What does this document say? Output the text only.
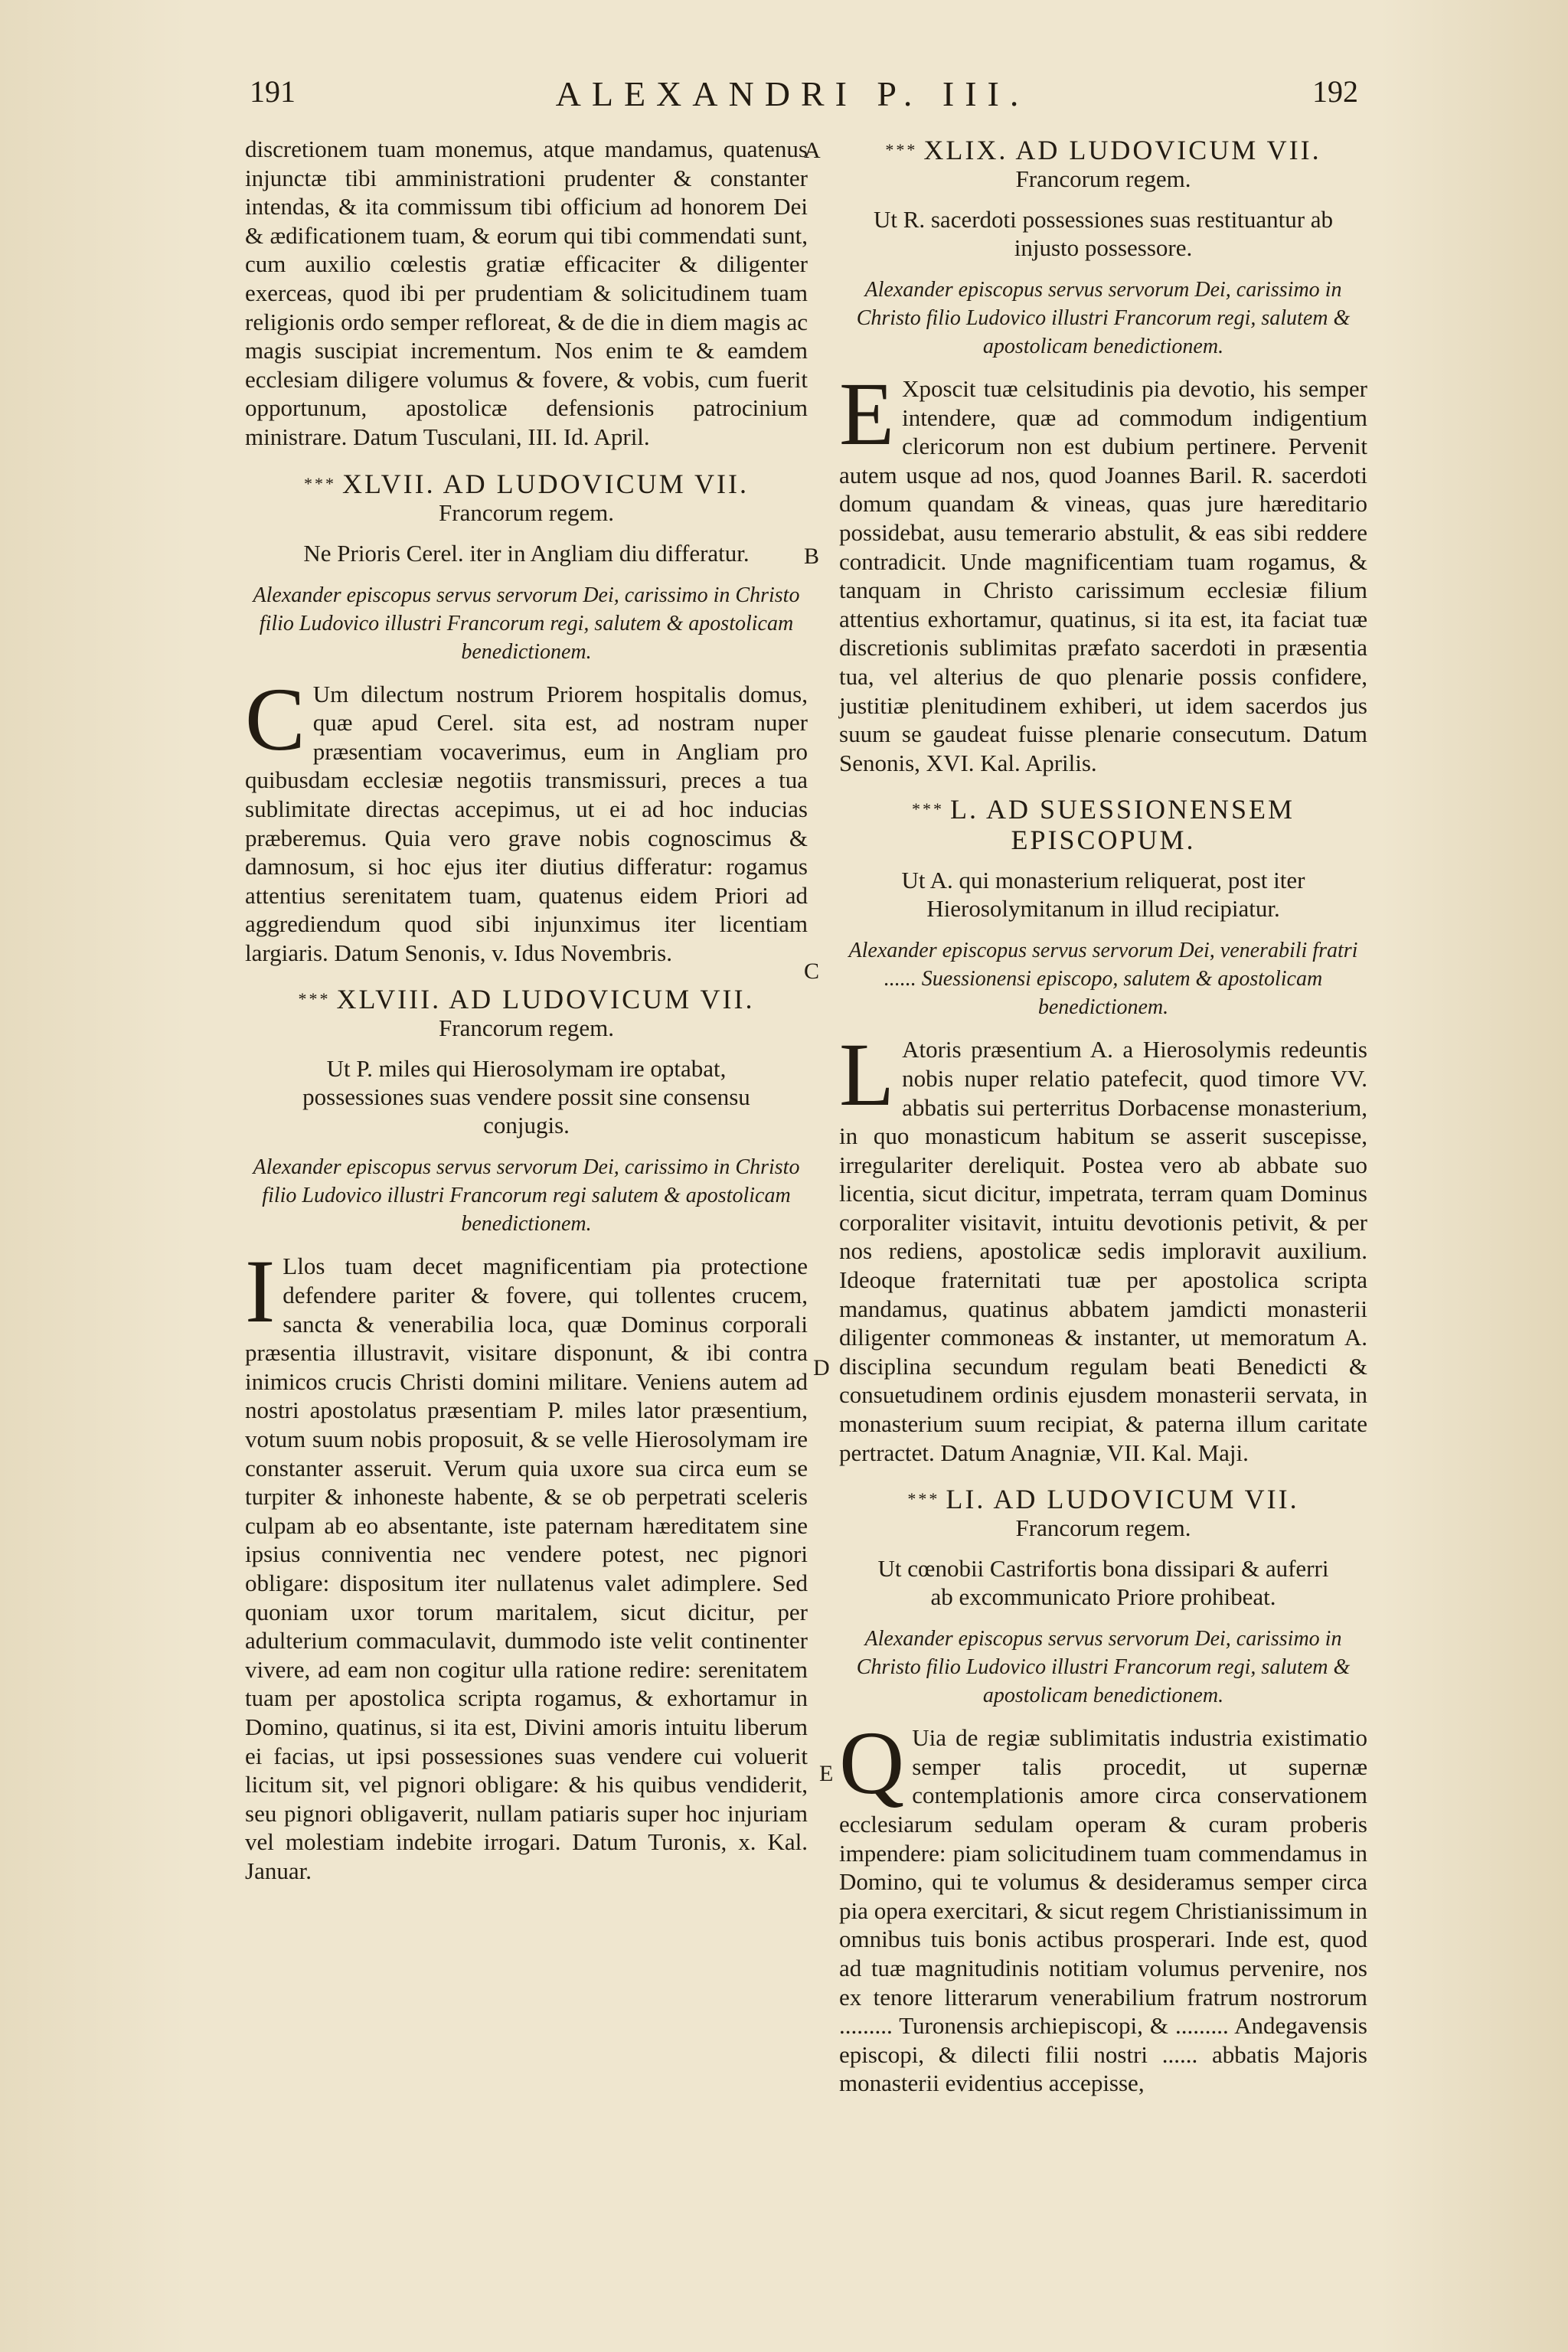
191	192
ALEXANDRI P. III.
A
B
C
D
E

discretionem tuam monemus, atque mandamus, quatenus injunctæ tibi amministrationi prudenter & constanter intendas, & ita commissum tibi officium ad honorem Dei & ædificationem tuam, & eorum qui tibi commendati sunt, cum auxilio cœlestis gratiæ efficaciter & diligenter exerceas, quod ibi per prudentiam & solicitudinem tuam religionis ordo semper refloreat, & de die in diem magis ac magis suscipiat incrementum. Nos enim te & eamdem ecclesiam diligere volumus & fovere, & vobis, cum fuerit opportunum, apostolicæ defensionis patrocinium ministrare. Datum Tusculani, III. Id. April.

*** XLVII. AD LUDOVICUM VII.
Francorum regem.
Ne Prioris Cerel. iter in Angliam diu differatur.
Alexander episcopus servus servorum Dei, carissimo in Christo filio Ludovico illustri Francorum regi, salutem & apostolicam benedictionem.

C Um dilectum nostrum Priorem hospitalis domus, quæ apud Cerel. sita est, ad nostram nuper præsentiam vocaverimus, eum in Angliam pro quibusdam ecclesiæ negotiis transmissuri, preces a tua sublimitate directas accepimus, ut ei ad hoc inducias præberemus. Quia vero grave nobis cognoscimus & damnosum, si hoc ejus iter diutius differatur: rogamus attentius serenitatem tuam, quatenus eidem Priori ad aggrediendum quod sibi injunximus iter licentiam largiaris. Datum Senonis, v. Idus Novembris.

*** XLVIII. AD LUDOVICUM VII.
Francorum regem.
Ut P. miles qui Hierosolymam ire optabat, possessiones suas vendere possit sine consensu conjugis.
Alexander episcopus servus servorum Dei, carissimo in Christo filio Ludovico illustri Francorum regi salutem & apostolicam benedictionem.

I Llos tuam decet magnificentiam pia protectione defendere pariter & fovere, qui tollentes crucem, sancta & venerabilia loca, quæ Dominus corporali præsentia illustravit, visitare disponunt, & ibi contra inimicos crucis Christi domini militare. Veniens autem ad nostri apostolatus præsentiam P. miles lator præsentium, votum suum nobis proposuit, & se velle Hierosolymam ire constanter asseruit. Verum quia uxore sua circa eum se turpiter & inhoneste habente, & se ob perpetrati sceleris culpam ab eo absentante, iste paternam hæreditatem sine ipsius conniventia nec vendere potest, nec pignori obligare: dispositum iter nullatenus valet adimplere. Sed quoniam uxor torum maritalem, sicut dicitur, per adulterium commaculavit, dummodo iste velit continenter vivere, ad eam non cogitur ulla ratione redire: serenitatem tuam per apostolica scripta rogamus, & exhortamur in Domino, quatinus, si ita est, Divini amoris intuitu liberum ei facias, ut ipsi possessiones suas vendere cui voluerit licitum sit, vel pignori obligare: & his quibus vendiderit, seu pignori obligaverit, nullam patiaris super hoc injuriam vel molestiam indebite irrogari. Datum Turonis, x. Kal. Januar.

*** XLIX. AD LUDOVICUM VII.
Francorum regem.
Ut R. sacerdoti possessiones suas restituantur ab injusto possessore.
Alexander episcopus servus servorum Dei, carissimo in Christo filio Ludovico illustri Francorum regi, salutem & apostolicam benedictionem.

E Xposcit tuæ celsitudinis pia devotio, his semper intendere, quæ ad commodum indigentium clericorum non est dubium pertinere. Pervenit autem usque ad nos, quod Joannes Baril. R. sacerdoti domum quandam & vineas, quas jure hæreditario possidebat, ausu temerario abstulit, & eas sibi reddere contradicit. Unde magnificentiam tuam rogamus, & tanquam in Christo carissimum ecclesiæ filium attentius exhortamur, quatinus, si ita est, ita faciat tuæ discretionis sublimitas præfato sacerdoti in præsentia tua, vel alterius de quo plenarie possis confidere, justitiæ plenitudinem exhiberi, ut idem sacerdos jus suum se gaudeat fuisse plenarie consecutum. Datum Senonis, XVI. Kal. Aprilis.

*** L. AD SUESSIONENSEM EPISCOPUM.
Ut A. qui monasterium reliquerat, post iter Hierosolymitanum in illud recipiatur.
Alexander episcopus servus servorum Dei, venerabili fratri ...... Suessionensi episcopo, salutem & apostolicam benedictionem.

L Atoris præsentium A. a Hierosolymis redeuntis nobis nuper relatio patefecit, quod timore VV. abbatis sui perterritus Dorbacense monasterium, in quo monasticum habitum se asserit suscepisse, irregulariter dereliquit. Postea vero ab abbate suo licentia, sicut dicitur, impetrata, terram quam Dominus corporaliter visitavit, intuitu devotionis petivit, & per nos rediens, apostolicæ sedis imploravit auxilium. Ideoque fraternitati tuæ per apostolica scripta mandamus, quatinus abbatem jamdicti monasterii diligenter commoneas & instanter, ut memoratum A. disciplina secundum regulam beati Benedicti & consuetudinem ordinis ejusdem monasterii servata, in monasterium suum recipiat, & paterna illum caritate pertractet. Datum Anagniæ, VII. Kal. Maji.

*** LI. AD LUDOVICUM VII.
Francorum regem.
Ut cœnobii Castrifortis bona dissipari & auferri ab excommunicato Priore prohibeat.
Alexander episcopus servus servorum Dei, carissimo in Christo filio Ludovico illustri Francorum regi, salutem & apostolicam benedictionem.

Q Uia de regiæ sublimitatis industria existimatio semper talis procedit, ut supernæ contemplationis amore circa conservationem ecclesiarum sedulam operam & curam proberis impendere: piam solicitudinem tuam commendamus in Domino, qui te volumus & desideramus semper circa pia opera exercitari, & sicut regem Christianissimum in omnibus tuis bonis actibus prosperari. Inde est, quod ad tuæ magnitudinis notitiam volumus pervenire, nos ex tenore litterarum venerabilium fratrum nostrorum ......... Turonensis archiepiscopi, & ......... Andegavensis episcopi, & dilecti filii nostri ...... abbatis Majoris monasterii evidentius accepisse,
